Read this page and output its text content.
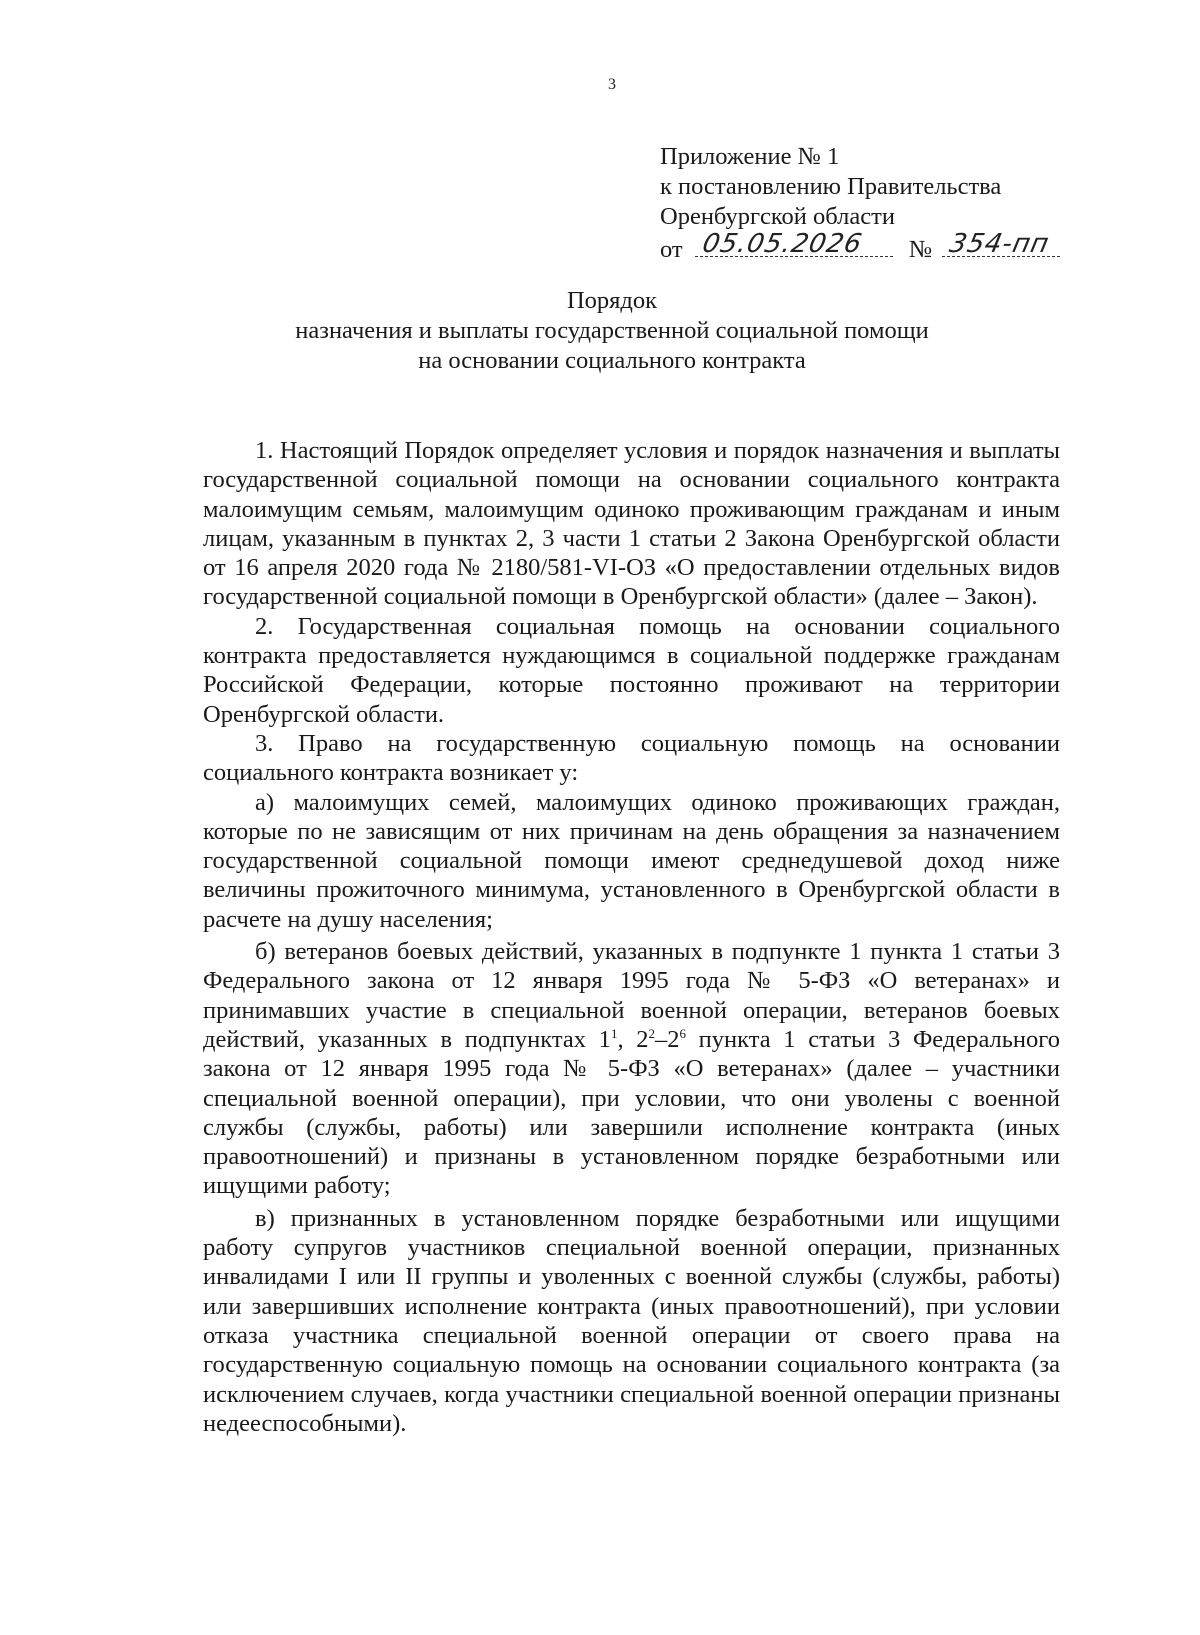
3
Приложение № 1
к постановлению Правительства
Оренбургской области
от 05.05.2026 № 354-пп
Порядок
назначения и выплаты государственной социальной помощи
на основании социального контракта

1. Настоящий Порядок определяет условия и порядок назначения и выплаты государственной социальной помощи на основании социального контракта малоимущим семьям, малоимущим одиноко проживающим гражданам и иным лицам, указанным в пунктах 2, 3 части 1 статьи 2 Закона Оренбургской области от 16 апреля 2020 года № 2180/581-VI-ОЗ «О предоставлении отдельных видов государственной социальной помощи в Оренбургской области» (далее – Закон).

2. Государственная социальная помощь на основании социального контракта предоставляется нуждающимся в социальной поддержке гражданам Российской Федерации, которые постоянно проживают на территории Оренбургской области.

3. Право на государственную социальную помощь на основании социального контракта возникает у:

а) малоимущих семей, малоимущих одиноко проживающих граждан, которые по не зависящим от них причинам на день обращения за назначением государственной социальной помощи имеют среднедушевой доход ниже величины прожиточного минимума, установленного в Оренбургской области в расчете на душу населения;

б) ветеранов боевых действий, указанных в подпункте 1 пункта 1 статьи 3 Федерального закона от 12 января 1995 года № 5-ФЗ «О ветеранах» и принимавших участие в специальной военной операции, ветеранов боевых действий, указанных в подпунктах $1^1$, $2^2-2^6$ пункта 1 статьи 3 Федерального закона от 12 января 1995 года № 5-ФЗ «О ветеранах» (далее – участники специальной военной операции), при условии, что они уволены с военной службы (службы, работы) или завершили исполнение контракта (иных правоотношений) и признаны в установленном порядке безработными или ищущими работу;

в) признанных в установленном порядке безработными или ищущими работу супругов участников специальной военной операции, признанных инвалидами I или II группы и уволенных с военной службы (службы, работы) или завершивших исполнение контракта (иных правоотношений), при условии отказа участника специальной военной операции от своего права на государственную социальную помощь на основании социального контракта (за исключением случаев, когда участники специальной военной операции признаны недееспособными).
